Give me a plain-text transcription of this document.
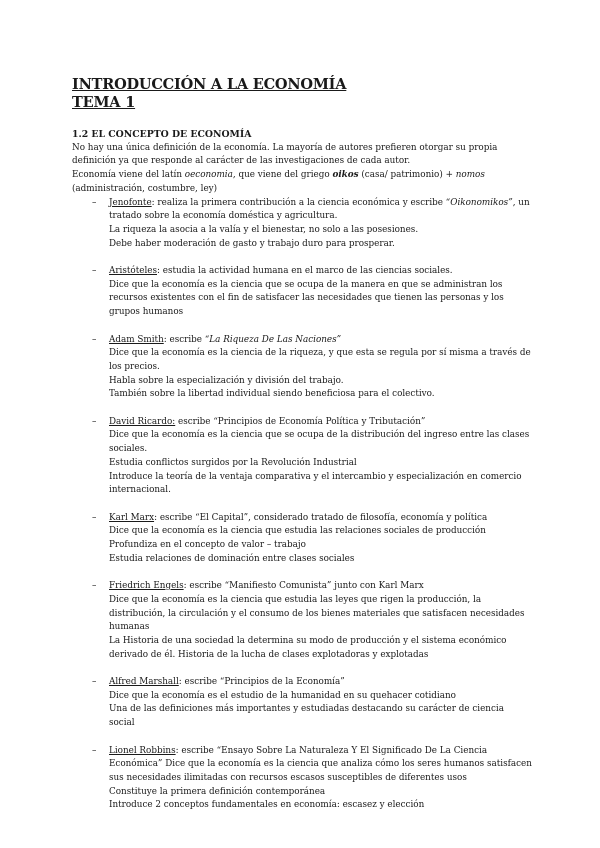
INTRODUCCIÓN A LA ECONOMÍA
TEMA 1
1.2 EL CONCEPTO DE ECONOMÍA

No hay una única definición de la economía. La mayoría de autores prefieren otorgar su propia definición ya que responde al carácter de las investigaciones de cada autor.

Economía viene del latín oeconomia, que viene del griego oikos (casa/ patrimonio) + nomos
(administración, costumbre, ley)

– Jenofonte: realiza la primera contribución a la ciencia económica y escribe “Oikonomikos”, un tratado sobre la economía doméstica y agricultura.
La riqueza la asocia a la valía y el bienestar, no solo a las posesiones.
Debe haber moderación de gasto y trabajo duro para prosperar.
– Aristóteles: estudia la actividad humana en el marco de las ciencias sociales.
Dice que la economía es la ciencia que se ocupa de la manera en que se administran los recursos existentes con el fin de satisfacer las necesidades que tienen las personas y los grupos humanos
– Adam Smith: escribe “La Riqueza De Las Naciones”
Dice que la economía es la ciencia de la riqueza, y que esta se regula por sí misma a través de los precios.
Habla sobre la especialización y división del trabajo.
También sobre la libertad individual siendo beneficiosa para el colectivo.
– David Ricardo: escribe “Principios de Economía Política y Tributación”
Dice que la economía es la ciencia que se ocupa de la distribución del ingreso entre las clases sociales.
Estudia conflictos surgidos por la Revolución Industrial
Introduce la teoría de la ventaja comparativa y el intercambio y especialización en comercio internacional.
– Karl Marx: escribe “El Capital”, considerado tratado de filosofía, economía y política
Dice que la economía es la ciencia que estudia las relaciones sociales de producción
Profundiza en el concepto de valor – trabajo
Estudia relaciones de dominación entre clases sociales
– Friedrich Engels: escribe “Manifiesto Comunista” junto con Karl Marx
Dice que la economía es la ciencia que estudia las leyes que rigen la producción, la distribución, la circulación y el consumo de los bienes materiales que satisfacen necesidades humanas
La Historia de una sociedad la determina su modo de producción y el sistema económico derivado de él. Historia de la lucha de clases explotadoras y explotadas
– Alfred Marshall: escribe “Principios de la Economía”
Dice que la economía es el estudio de la humanidad en su quehacer cotidiano
Una de las definiciones más importantes y estudiadas destacando su carácter de ciencia social
– Lionel Robbins: escribe “Ensayo Sobre La Naturaleza Y El Significado De La Ciencia Económica” Dice que la economía es la ciencia que analiza cómo los seres humanos satisfacen sus necesidades ilimitadas con recursos escasos susceptibles de diferentes usos
Constituye la primera definición contemporánea
Introduce 2 conceptos fundamentales en economía: escasez y elección
